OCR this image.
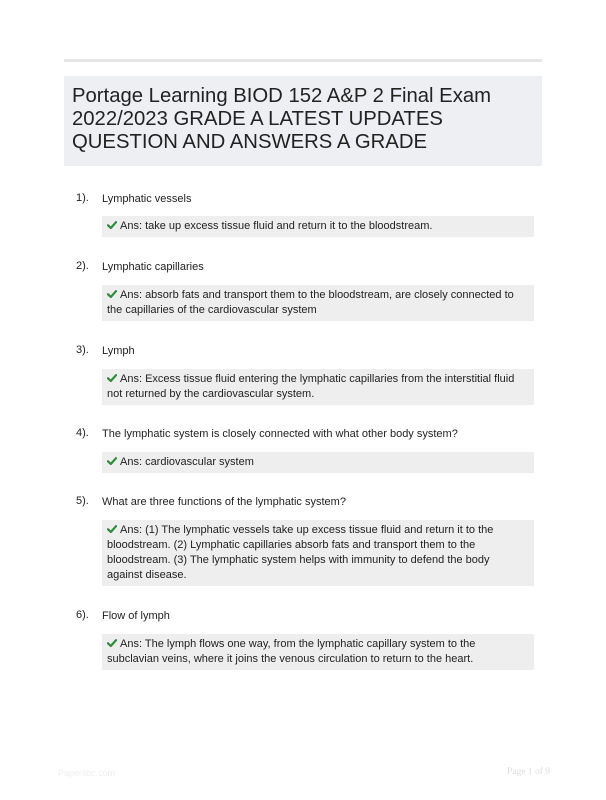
Portage Learning BIOD 152 A&P 2 Final Exam 2022/2023 GRADE A LATEST UPDATES QUESTION AND ANSWERS A GRADE
1). Lymphatic vessels
Ans: take up excess tissue fluid and return it to the bloodstream.
2). Lymphatic capillaries
Ans: absorb fats and transport them to the bloodstream, are closely connected to the capillaries of the cardiovascular system
3). Lymph
Ans: Excess tissue fluid entering the lymphatic capillaries from the interstitial fluid not returned by the cardiovascular system.
4). The lymphatic system is closely connected with what other body system?
Ans: cardiovascular system
5). What are three functions of the lymphatic system?
Ans: (1) The lymphatic vessels take up excess tissue fluid and return it to the bloodstream. (2) Lymphatic capillaries absorb fats and transport them to the bloodstream. (3) The lymphatic system helps with immunity to defend the body against disease.
6). Flow of lymph
Ans: The lymph flows one way, from the lymphatic capillary system to the subclavian veins, where it joins the venous circulation to return to the heart.
Paperlibc.com	Page 1 of 9
